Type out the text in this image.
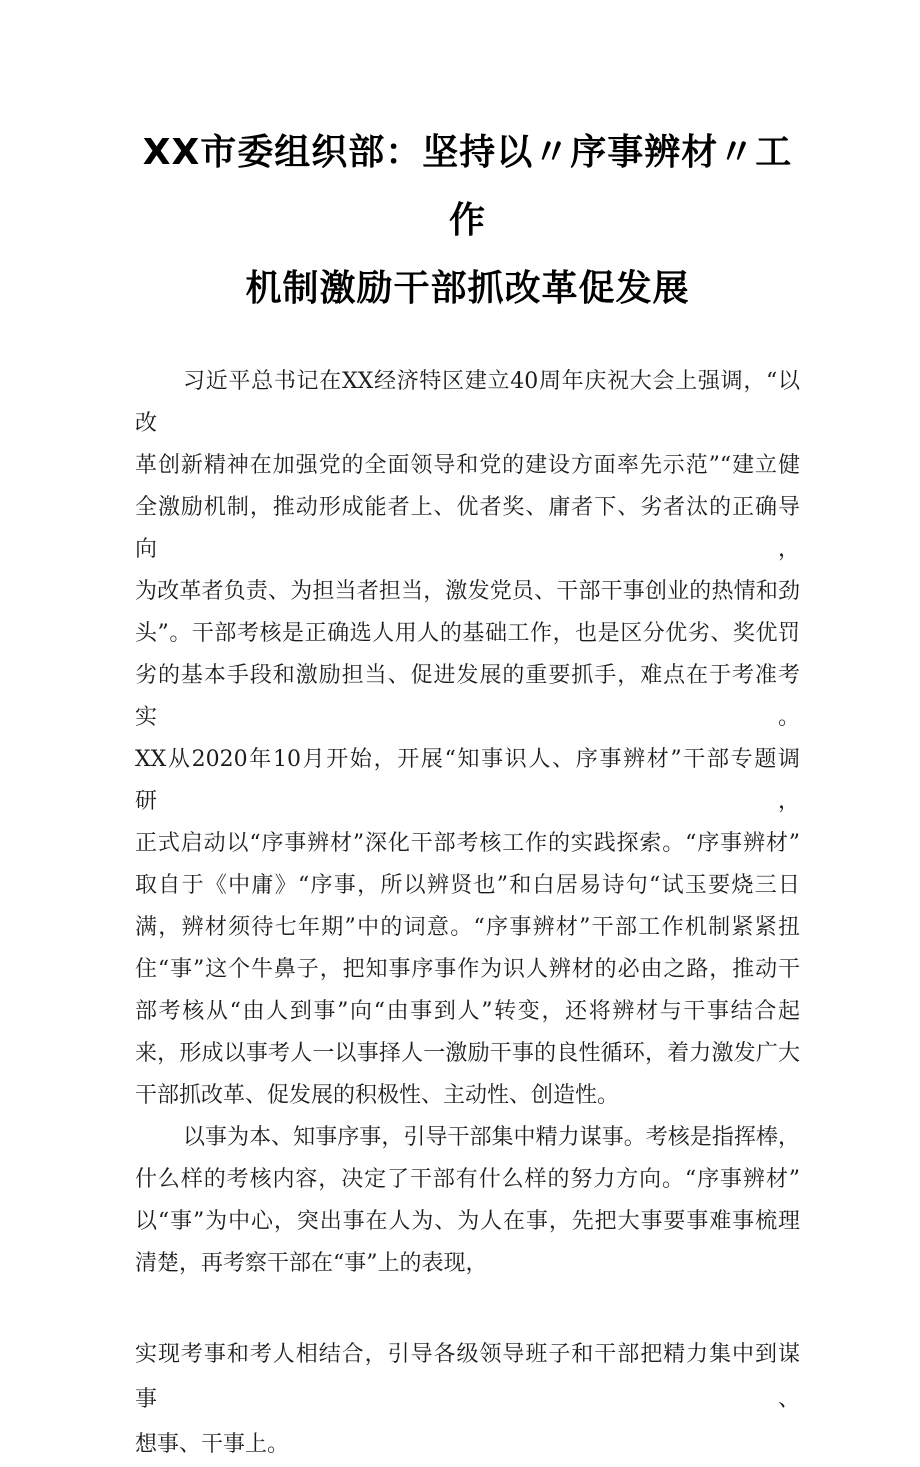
XX市委组织部：坚持以〃序事辨材〃工作
机制激励干部抓改革促发展
习近平总书记在XX经济特区建立40周年庆祝大会上强调，“以改
革创新精神在加强党的全面领导和党的建设方面率先示范”“建立健
全激励机制，推动形成能者上、优者奖、庸者下、劣者汰的正确导向，
为改革者负责、为担当者担当，激发党员、干部干事创业的热情和劲
头”。干部考核是正确选人用人的基础工作，也是区分优劣、奖优罚
劣的基本手段和激励担当、促进发展的重要抓手，难点在于考准考实。
XX从2020年10月开始，开展“知事识人、序事辨材”干部专题调研，
正式启动以“序事辨材”深化干部考核工作的实践探索。“序事辨材”
取自于《中庸》“序事，所以辨贤也”和白居易诗句“试玉要烧三日
满，辨材须待七年期”中的词意。“序事辨材”干部工作机制紧紧扭
住“事”这个牛鼻子，把知事序事作为识人辨材的必由之路，推动干
部考核从“由人到事”向“由事到人”转变，还将辨材与干事结合起
来，形成以事考人一以事择人一激励干事的良性循环，着力激发广大
干部抓改革、促发展的积极性、主动性、创造性。
以事为本、知事序事，引导干部集中精力谋事。考核是指挥棒，
什么样的考核内容，决定了干部有什么样的努力方向。“序事辨材”
以“事”为中心，突出事在人为、为人在事，先把大事要事难事梳理
清楚，再考察干部在“事”上的表现，
实现考事和考人相结合，引导各级领导班子和干部把精力集中到谋事、
想事、干事上。
